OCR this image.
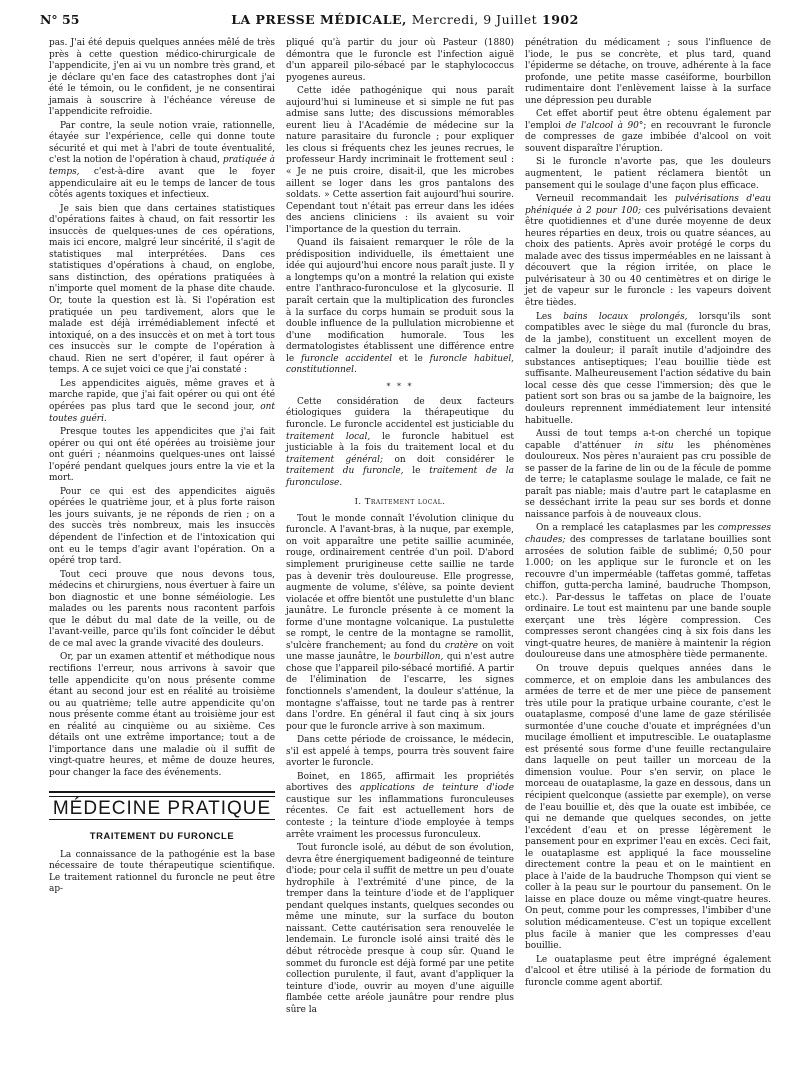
N° 55	LA PRESSE MÉDICALE, Mercredi, 9 Juillet 1902

pas. J'ai été depuis quelques années mêlé de très près à cette question médico-chirurgicale de l'appendicite, j'en ai vu un nombre très grand, et je déclare qu'en face des catastrophes dont j'ai été le témoin, ou le confident, je ne consentirai jamais à souscrire à l'échéance véreuse de l'appendicite refroidie.

Par contre, la seule notion vraie, rationnelle, étayée sur l'expérience, celle qui donne toute sécurité et qui met à l'abri de toute éventualité, c'est la notion de l'opération à chaud, pratiquée à temps, c'est-à-dire avant que le foyer appendiculaire ait eu le temps de lancer de tous côtés agents toxiques et infectieux.

Je sais bien que dans certaines statistiques d'opérations faites à chaud, on fait ressortir les insuccès de quelques-unes de ces opérations, mais ici encore, malgré leur sincérité, il s'agit de statistiques mal interprétées. Dans ces statistiques d'opérations à chaud, on englobe, sans distinction, des opérations pratiquées à n'importe quel moment de la phase dite chaude. Or, toute la question est là. Si l'opération est pratiquée un peu tardivement, alors que le malade est déjà irrémédiablement infecté et intoxiqué, on a des insuccès et on met à tort tous ces insuccès sur le compte de l'opération à chaud. Rien ne sert d'opérer, il faut opérer à temps. A ce sujet voici ce que j'ai constaté :

Les appendicites aiguës, même graves et à marche rapide, que j'ai fait opérer ou qui ont été opérées pas plus tard que le second jour, ont toutes guéri.

Presque toutes les appendicites que j'ai fait opérer ou qui ont été opérées au troisième jour ont guéri ; néanmoins quelques-unes ont laissé l'opéré pendant quelques jours entre la vie et la mort.

Pour ce qui est des appendicites aiguës opérées le quatrième jour, et à plus forte raison les jours suivants, je ne réponds de rien ; on a des succès très nombreux, mais les insuccès dépendent de l'infection et de l'intoxication qui ont eu le temps d'agir avant l'opération. On a opéré trop tard.

Tout ceci prouve que nous devons tous, médecins et chirurgiens, nous évertuer à faire un bon diagnostic et une bonne séméiologie. Les malades ou les parents nous racontent parfois que le début du mal date de la veille, ou de l'avant-veille, parce qu'ils font coïncider le début de ce mal avec la grande vivacité des douleurs.

Or, par un examen attentif et méthodique nous rectifions l'erreur, nous arrivons à savoir que telle appendicite qu'on nous présente comme étant au second jour est en réalité au troisième ou au quatrième; telle autre appendicite qu'on nous présente comme étant au troisième jour est en réalité au cinquième ou au sixième. Ces détails ont une extrême importance; tout a de l'importance dans une maladie où il suffit de vingt-quatre heures, et même de douze heures, pour changer la face des événements.

MÉDECINE PRATIQUE
TRAITEMENT DU FURONCLE

La connaissance de la pathogénie est la base nécessaire de toute thérapeutique scientifique. Le traitement rationnel du furoncle ne peut être ap-

pliqué qu'à partir du jour où Pasteur (1880) démontra que le furoncle est l'infection aiguë d'un appareil pilo-sébacé par le staphylococcus pyogenes aureus.

Cette idée pathogénique qui nous paraît aujourd'hui si lumineuse et si simple ne fut pas admise sans lutte; des discussions mémorables eurent lieu à l'Académie de médecine sur la nature parasitaire du furoncle ; pour expliquer les clous si fréquents chez les jeunes recrues, le professeur Hardy incriminait le frottement seul : « Je ne puis croire, disait-il, que les microbes aillent se loger dans les gros pantalons des soldats. » Cette assertion fait aujourd'hui sourire. Cependant tout n'était pas erreur dans les idées des anciens cliniciens : ils avaient su voir l'importance de la question du terrain.

Quand ils faisaient remarquer le rôle de la prédisposition individuelle, ils émettaient une idée qui aujourd'hui encore nous paraît juste. Il y a longtemps qu'on a montré la relation qui existe entre l'anthraco-furonculose et la glycosurie. Il paraît certain que la multiplication des furoncles à la surface du corps humain se produit sous la double influence de la pullulation microbienne et d'une modification humorale. Tous les dermatologistes établissent une différence entre le furoncle accidentel et le furoncle habituel, constitutionnel.

* * *

Cette considération de deux facteurs étiologiques guidera la thérapeutique du furoncle. Le furoncle accidentel est justiciable du traitement local, le furoncle habituel est justiciable à la fois du traitement local et du traitement général; on doit considérer le traitement du furoncle, le traitement de la furonculose.

I. Traitement local.

Tout le monde connaît l'évolution clinique du furoncle. A l'avant-bras, à la nuque, par exemple, on voit apparaître une petite saillie acuminée, rouge, ordinairement centrée d'un poil. D'abord simplement prurigineuse cette saillie ne tarde pas à devenir très douloureuse. Elle progresse, augmente de volume, s'élève, sa pointe devient violacée et offre bientôt une pustulette d'un blanc jaunâtre. Le furoncle présente à ce moment la forme d'une montagne volcanique. La pustulette se rompt, le centre de la montagne se ramollit, s'ulcère franchement; au fond du cratère on voit une masse jaunâtre, le bourbillon, qui n'est autre chose que l'appareil pilo-sébacé mortifié. A partir de l'élimination de l'escarre, les signes fonctionnels s'amendent, la douleur s'atténue, la montagne s'affaisse, tout ne tarde pas à rentrer dans l'ordre. En général il faut cinq à six jours pour que le furoncle arrive à son maximum.

Dans cette période de croissance, le médecin, s'il est appelé à temps, pourra très souvent faire avorter le furoncle.

Boinet, en 1865, affirmait les propriétés abortives des applications de teinture d'iode caustique sur les inflammations furonculeuses récentes. Ce fait est actuellement hors de conteste ; la teinture d'iode employée à temps arrête vraiment les processus furonculeux.

Tout furoncle isolé, au début de son évolution, devra être énergiquement badigeonné de teinture d'iode; pour cela il suffit de mettre un peu d'ouate hydrophile à l'extrémité d'une pince, de la tremper dans la teinture d'iode et de l'appliquer pendant quelques instants, quelques secondes ou même une minute, sur la surface du bouton naissant. Cette cautérisation sera renouvelée le lendemain. Le furoncle isolé ainsi traité dès le début rétrocède presque à coup sûr. Quand le sommet du furoncle est déjà formé par une petite collection purulente, il faut, avant d'appliquer la teinture d'iode, ouvrir au moyen d'une aiguille flambée cette aréole jaunâtre pour rendre plus sûre la

pénétration du médicament ; sous l'influence de l'iode, le pus se concrète, et plus tard, quand l'épiderme se détache, on trouve, adhérente à la face profonde, une petite masse caséiforme, bourbillon rudimentaire dont l'enlèvement laisse à la surface une dépression peu durable

Cet effet abortif peut être obtenu également par l'emploi de l'alcool à 90°; en recouvrant le furoncle de compresses de gaze imbibée d'alcool on voit souvent disparaître l'éruption.

Si le furoncle n'avorte pas, que les douleurs augmentent, le patient réclamera bientôt un pansement qui le soulage d'une façon plus efficace.

Verneuil recommandait les pulvérisations d'eau phéniquée à 2 pour 100; ces pulvérisations devaient être quotidiennes et d'une durée moyenne de deux heures réparties en deux, trois ou quatre séances, au choix des patients. Après avoir protégé le corps du malade avec des tissus imperméables en ne laissant à découvert que la région irritée, on place le pulvérisateur à 30 ou 40 centimètres et on dirige le jet de vapeur sur le furoncle : les vapeurs doivent être tièdes.

Les bains locaux prolongés, lorsqu'ils sont compatibles avec le siège du mal (furoncle du bras, de la jambe), constituent un excellent moyen de calmer la douleur; il paraît inutile d'adjoindre des substances antiseptiques; l'eau bouillie tiède est suffisante. Malheureusement l'action sédative du bain local cesse dès que cesse l'immersion; dès que le patient sort son bras ou sa jambe de la baignoire, les douleurs reprennent immédiatement leur intensité habituelle.

Aussi de tout temps a-t-on cherché un topique capable d'atténuer in situ les phénomènes douloureux. Nos pères n'auraient pas cru possible de se passer de la farine de lin ou de la fécule de pomme de terre; le cataplasme soulage le malade, ce fait ne paraît pas niable; mais d'autre part le cataplasme en se desséchant irrite la peau sur ses bords et donne naissance parfois à de nouveaux clous.

On a remplacé les cataplasmes par les compresses chaudes; des compresses de tarlatane bouillies sont arrosées de solution faible de sublimé; 0,50 pour 1.000; on les applique sur le furoncle et on les recouvre d'un imperméable (taffetas gommé, taffetas chiffon, gutta-percha laminé, baudruche Thompson, etc.). Par-dessus le taffetas on place de l'ouate ordinaire. Le tout est maintenu par une bande souple exerçant une très légère compression. Ces compresses seront changées cinq à six fois dans les vingt-quatre heures, de manière à maintenir la région douloureuse dans une atmosphère tiède permanente.

On trouve depuis quelques années dans le commerce, et on emploie dans les ambulances des armées de terre et de mer une pièce de pansement très utile pour la pratique urbaine courante, c'est le ouataplasme, composé d'une lame de gaze stérilisée surmontée d'une couche d'ouate et imprégnées d'un mucilage émollient et imputrescible. Le ouataplasme est présenté sous forme d'une feuille rectangulaire dans laquelle on peut tailler un morceau de la dimension voulue. Pour s'en servir, on place le morceau de ouataplasme, la gaze en dessous, dans un récipient quelconque (assiette par exemple), on verse de l'eau bouillie et, dès que la ouate est imbibée, ce qui ne demande que quelques secondes, on jette l'excédent d'eau et on presse légèrement le pansement pour en exprimer l'eau en excès. Ceci fait, le ouataplasme est appliqué la face mousseline directement contre la peau et on le maintient en place à l'aide de la baudruche Thompson qui vient se coller à la peau sur le pourtour du pansement. On le laisse en place douze ou même vingt-quatre heures. On peut, comme pour les compresses, l'imbiber d'une solution médicamenteuse. C'est un topique excellent plus facile à manier que les compresses d'eau bouillie.

Le ouataplasme peut être imprégné également d'alcool et être utilisé à la période de formation du furoncle comme agent abortif.
